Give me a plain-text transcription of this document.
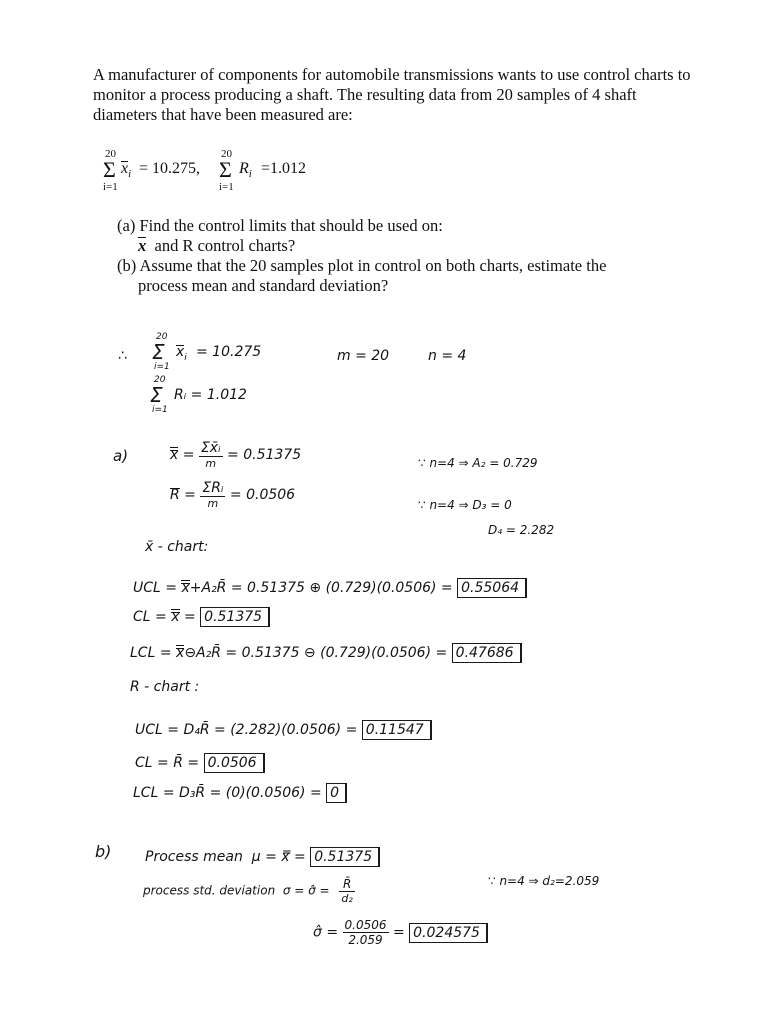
A manufacturer of components for automobile transmissions wants to use control charts to monitor a process producing a shaft. The resulting data from 20 samples of 4 shaft diameters that have been measured are:
20
Σ
i=1
$x_i = 10.275$,
20
Σ
i=1
$R_i =1.012$
(a) Find the control limits that should be used on:
x and R control charts?
(b) Assume that the 20 samples plot in control on both charts, estimate the
process mean and standard deviation?
∴
20
Σ
i=1
$x_i = 10.275$	m = 20	n = 4
20
Σ
i=1
Rᵢ = 1.012
a)	$x = \frac{\text{Σx̄ᵢ}}{m} = 0.51375$	∵ n=4 ⇒ A₂ = 0.729
$R = \frac{\text{ΣRᵢ}}{m} = 0.0506$
∵ n=4 ⇒ D₃ = 0
D₄ = 2.282
x̄ - chart:
UCL = x+A₂R̄ = 0.51375 ⊕ (0.729)(0.0506) = 0.55064
CL = x = 0.51375
LCL = x⊖A₂R̄ = 0.51375 ⊖ (0.729)(0.0506) = 0.47686
R - chart :
UCL = D₄R̄ = (2.282)(0.0506) = 0.11547
CL = R̄ = 0.0506
LCL = D₃R̄ = (0)(0.0506) = 0
b) Process mean μ = x̿ = 0.51375
process std. deviation σ = σ̂ = $\frac{R̄}{\text{d₂}}$	∵ n=4 ⇒ d₂=2.059
σ̂ = $\frac{0.0506}{2.059} = 0.024575$
